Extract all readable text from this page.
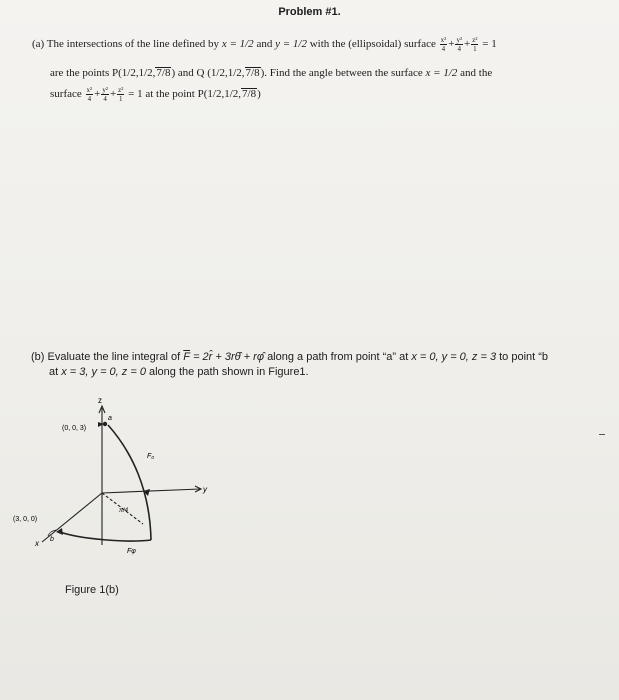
Problem #1.
(a) The intersections of the line defined by x = 1/2 and y = 1/2 with the (ellipsoidal) surface $\frac{\text{x²}}{4} + \frac{\text{y²}}{4} + \frac{\text{z²}}{1} = 1$
are the points P(1/2,1/2,7/8) and Q (1/2,1/2,7/8). Find the angle between the surface x = 1/2 and the
surface $\frac{\text{x²}}{4} + \frac{\text{y²}}{4} + \frac{\text{z²}}{1} = 1$ at the point P(1/2,1/2,7/8)
(b) Evaluate the line integral of $\overline{F}$ = 2r̂ + 3rθ̂ + rφ̂ along a path from point “a” at x = 0, y = 0, z = 3 to point “b
at x = 3, y = 0, z = 0 along the path shown in Figure1.
z
y
x
a
(0, 0, 3)
(3, 0, 0)
b
F₀
Fφ
π/4
Figure 1(b)
